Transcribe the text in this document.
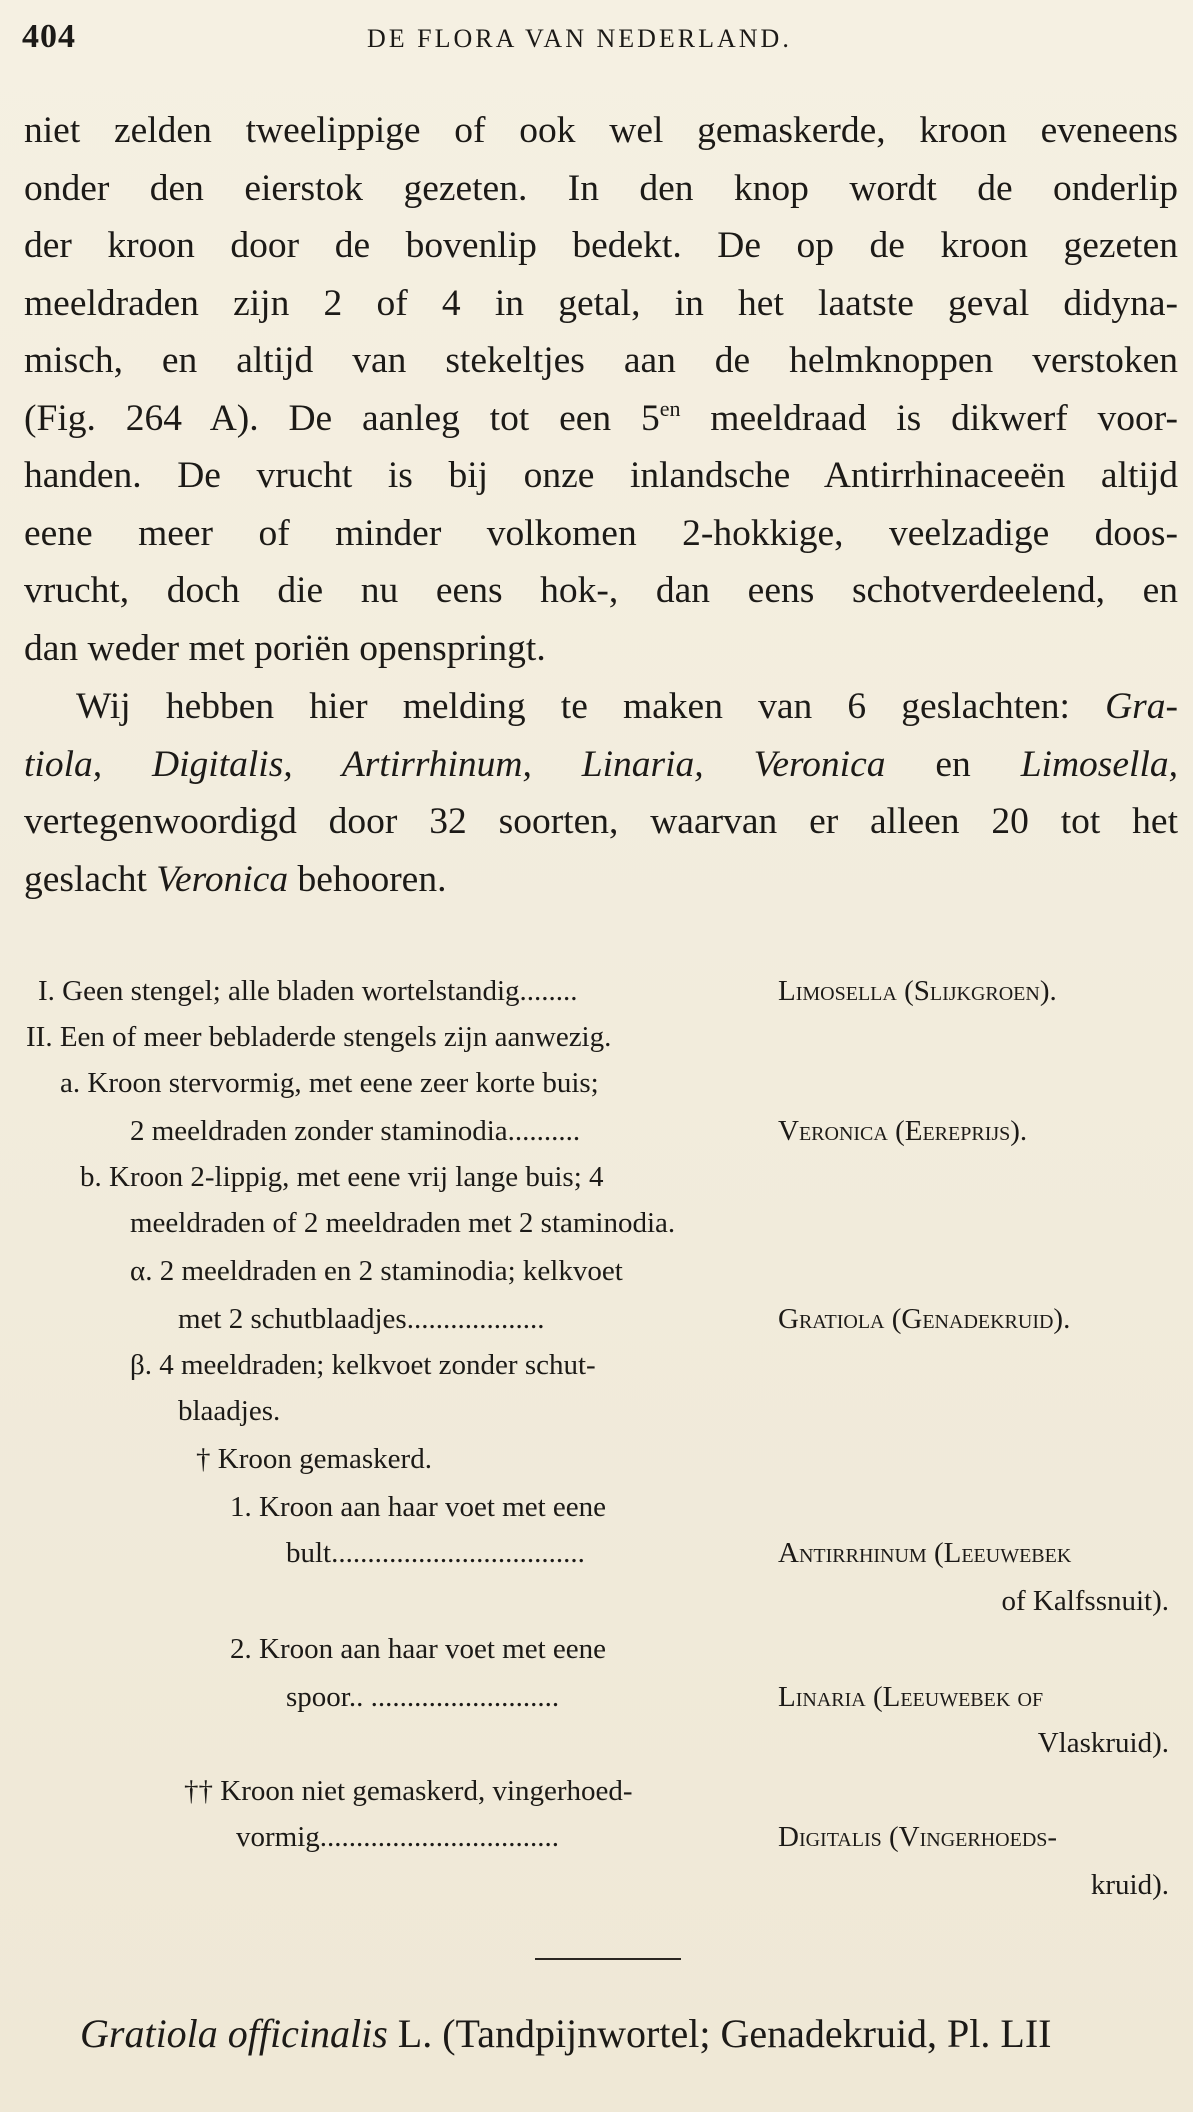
404	DE FLORA VAN NEDERLAND.
niet zelden tweelippige of ook wel gemaskerde, kroon eveneens
onder den eierstok gezeten. In den knop wordt de onderlip
der kroon door de bovenlip bedekt. De op de kroon gezeten
meeldraden zijn 2 of 4 in getal, in het laatste geval didyna-
misch, en altijd van stekeltjes aan de helmknoppen verstoken
(Fig. 264 A). De aanleg tot een $5^{en}$ meeldraad is dikwerf voor-
handen. De vrucht is bij onze inlandsche Antirrhinaceeën altijd
eene meer of minder volkomen 2-hokkige, veelzadige doos-
vrucht, doch die nu eens hok-, dan eens schotverdeelend, en
dan weder met poriën openspringt.
Wij hebben hier melding te maken van 6 geslachten: Gra-
tiola, Digitalis, Artirrhinum, Linaria, Veronica en Limosella,
vertegenwoordigd door 32 soorten, waarvan er alleen 20 tot het
geslacht Veronica behooren.
I. Geen stengel; alle bladen wortelstandig........	Limosella (Slijkgroen).
II. Een of meer bebladerde stengels zijn aanwezig.
a. Kroon stervormig, met eene zeer korte buis;
2 meeldraden zonder staminodia..........	Veronica (Eereprijs).
b. Kroon 2-lippig, met eene vrij lange buis; 4
meeldraden of 2 meeldraden met 2 staminodia.
α. 2 meeldraden en 2 staminodia; kelkvoet
met 2 schutblaadjes...................	Gratiola (Genadekruid).
β. 4 meeldraden; kelkvoet zonder schut-
blaadjes.
† Kroon gemaskerd.
1. Kroon aan haar voet met eene
bult...................................	Antirrhinum (Leeuwebek
of Kalfssnuit).
2. Kroon aan haar voet met eene
spoor.. ..........................	Linaria (Leeuwebek of
Vlaskruid).
†† Kroon niet gemaskerd, vingerhoed-
vormig.................................	Digitalis (Vingerhoeds-
kruid).
Gratiola officinalis L. (Tandpijnwortel; Genadekruid, Pl. LII
